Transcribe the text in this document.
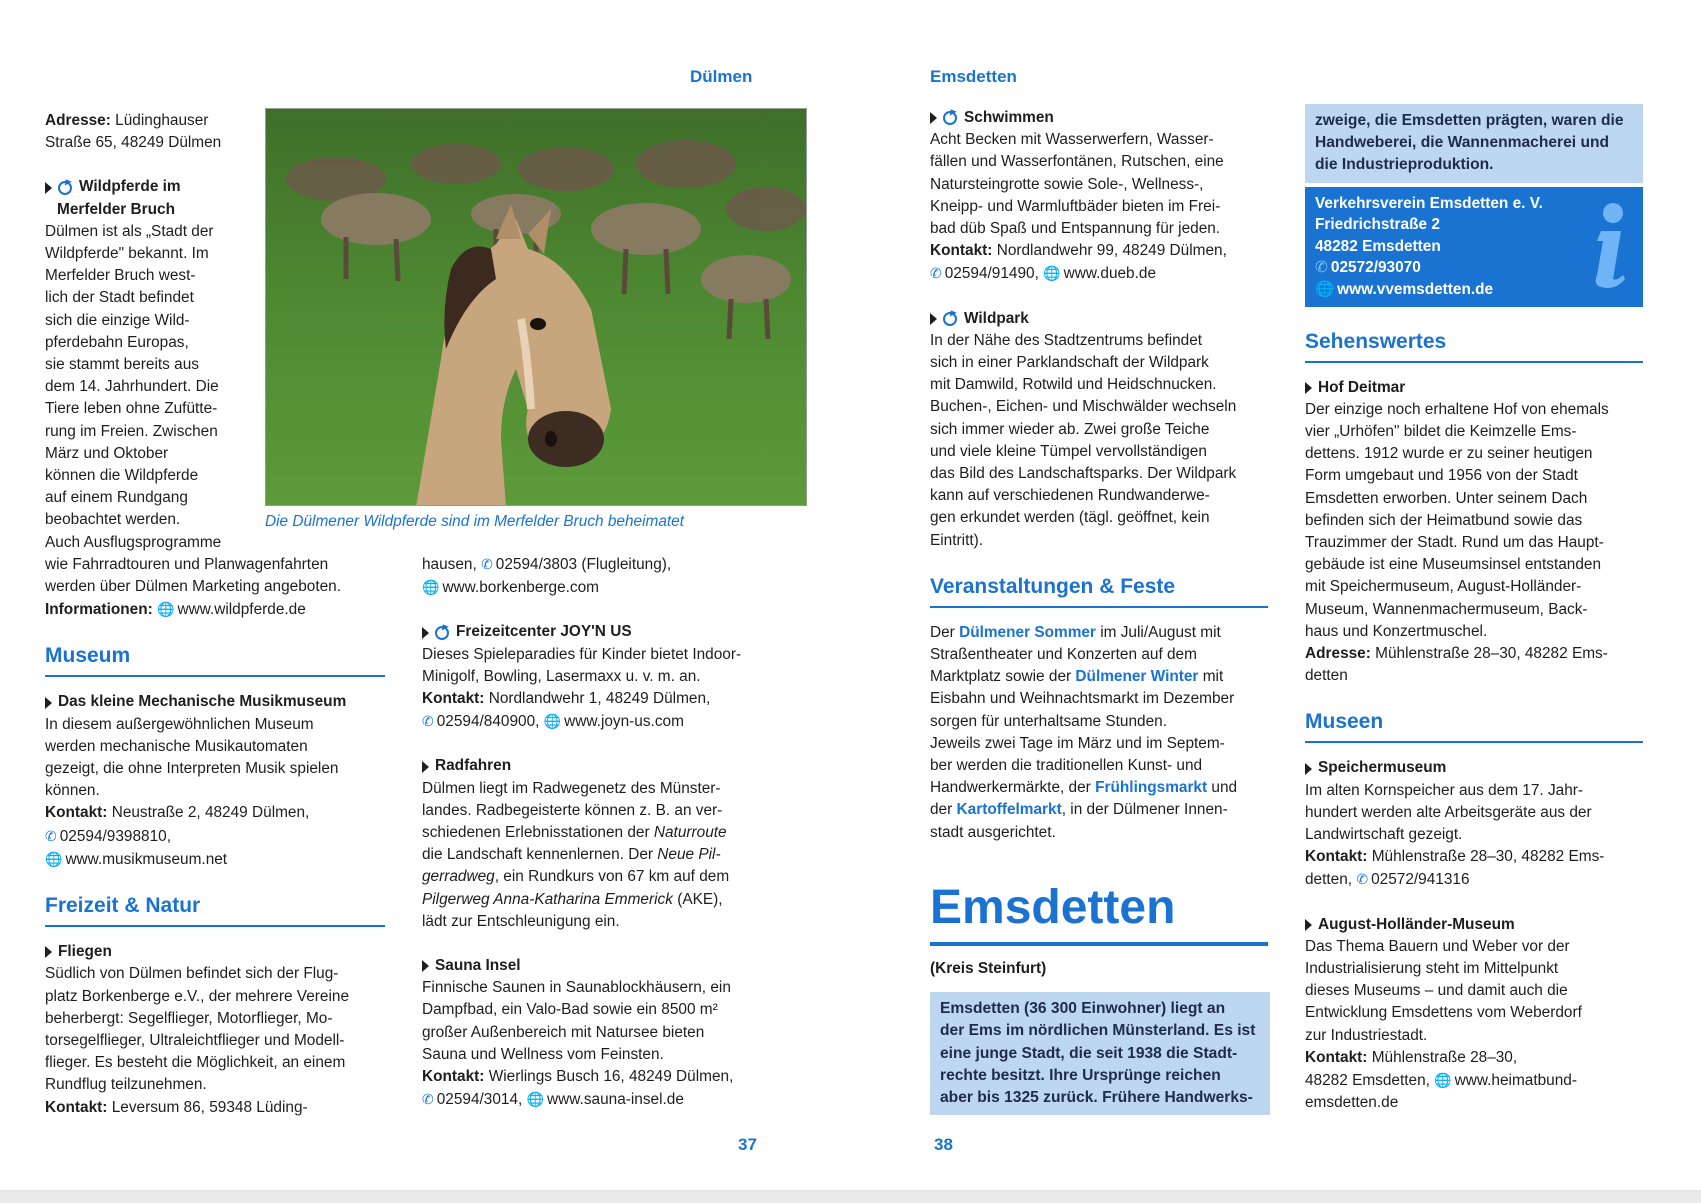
Dülmen

Adresse: Lüdinghauser

Straße 65, 48249 Dülmen

Wildpferde im

Merfelder Bruch

Dülmen ist als „Stadt der

Wildpferde" bekannt. Im

Merfelder Bruch west-

lich der Stadt befindet

sich die einzige Wild-

pferdebahn Europas,

sie stammt bereits aus

dem 14. Jahrhundert. Die

Tiere leben ohne Zufütte-

rung im Freien. Zwischen

März und Oktober

können die Wildpferde

auf einem Rundgang

beobachtet werden.

Auch Ausflugsprogramme

wie Fahrradtouren und Planwagenfahrten

werden über Dülmen Marketing angeboten.

Informationen: 🌐 www.wildpferde.de

Museum

Das kleine Mechanische Musikmuseum

In diesem außergewöhnlichen Museum

werden mechanische Musikautomaten

gezeigt, die ohne Interpreten Musik spielen

können.

Kontakt: Neustraße 2, 48249 Dülmen,

✆ 02594/9398810,

🌐 www.musikmuseum.net

Freizeit & Natur

Fliegen

Südlich von Dülmen befindet sich der Flug-

platz Borkenberge e.V., der mehrere Vereine

beherbergt: Segelflieger, Motorflieger, Mo-

torsegelflieger, Ultraleichtflieger und Modell-

flieger. Es besteht die Möglichkeit, an einem

Rundflug teilzunehmen.

Kontakt: Leversum 86, 59348 Lüding-

Die Dülmener Wildpferde sind im Merfelder Bruch beheimatet

hausen, ✆ 02594/3803 (Flugleitung),

🌐 www.borkenberge.com

Freizeitcenter JOY'N US

Dieses Spieleparadies für Kinder bietet Indoor-

Minigolf, Bowling, Lasermaxx u. v. m. an.

Kontakt: Nordlandwehr 1, 48249 Dülmen,

✆ 02594/840900, 🌐 www.joyn-us.com

Radfahren

Dülmen liegt im Radwegenetz des Münster-

landes. Radbegeisterte können z. B. an ver-

schiedenen Erlebnisstationen der Naturroute

die Landschaft kennenlernen. Der Neue Pil-

gerradweg, ein Rundkurs von 67 km auf dem

Pilgerweg Anna-Katharina Emmerick (AKE),

lädt zur Entschleunigung ein.

Sauna Insel

Finnische Saunen in Saunablockhäusern, ein

Dampfbad, ein Valo-Bad sowie ein 8500 m²

großer Außenbereich mit Natursee bieten

Sauna und Wellness vom Feinsten.

Kontakt: Wierlings Busch 16, 48249 Dülmen,

✆ 02594/3014, 🌐 www.sauna-insel.de

37
Emsdetten

Schwimmen

Acht Becken mit Wasserwerfern, Wasser-

fällen und Wasserfontänen, Rutschen, eine

Natursteingrotte sowie Sole-, Wellness-,

Kneipp- und Warmluftbäder bieten im Frei-

bad düb Spaß und Entspannung für jeden.

Kontakt: Nordlandwehr 99, 48249 Dülmen,

✆ 02594/91490, 🌐 www.dueb.de

Wildpark

In der Nähe des Stadtzentrums befindet

sich in einer Parklandschaft der Wildpark

mit Damwild, Rotwild und Heidschnucken.

Buchen-, Eichen- und Mischwälder wechseln

sich immer wieder ab. Zwei große Teiche

und viele kleine Tümpel vervollständigen

das Bild des Landschaftsparks. Der Wildpark

kann auf verschiedenen Rundwanderwe-

gen erkundet werden (tägl. geöffnet, kein

Eintritt).

Veranstaltungen & Feste

Der Dülmener Sommer im Juli/August mit

Straßentheater und Konzerten auf dem

Marktplatz sowie der Dülmener Winter mit

Eisbahn und Weihnachtsmarkt im Dezember

sorgen für unterhaltsame Stunden.

Jeweils zwei Tage im März und im Septem-

ber werden die traditionellen Kunst- und

Handwerkermärkte, der Frühlingsmarkt und

der Kartoffelmarkt, in der Dülmener Innen-

stadt ausgerichtet.

Emsdetten

(Kreis Steinfurt)

Emsdetten (36 300 Einwohner) liegt an

der Ems im nördlichen Münsterland. Es ist

eine junge Stadt, die seit 1938 die Stadt-

rechte besitzt. Ihre Ursprünge reichen

aber bis 1325 zurück. Frühere Handwerks-

38

zweige, die Emsdetten prägten, waren die

Handweberei, die Wannenmacherei und

die Industrieproduktion.

Verkehrsverein Emsdetten e. V.

Friedrichstraße 2

48282 Emsdetten

✆ 02572/93070

🌐 www.vvemsdetten.de

Sehenswertes

Hof Deitmar

Der einzige noch erhaltene Hof von ehemals

vier „Urhöfen" bildet die Keimzelle Ems-

dettens. 1912 wurde er zu seiner heutigen

Form umgebaut und 1956 von der Stadt

Emsdetten erworben. Unter seinem Dach

befinden sich der Heimatbund sowie das

Trauzimmer der Stadt. Rund um das Haupt-

gebäude ist eine Museumsinsel entstanden

mit Speichermuseum, August-Holländer-

Museum, Wannenmachermuseum, Back-

haus und Konzertmuschel.

Adresse: Mühlenstraße 28–30, 48282 Ems-

detten

Museen

Speichermuseum

Im alten Kornspeicher aus dem 17. Jahr-

hundert werden alte Arbeitsgeräte aus der

Landwirtschaft gezeigt.

Kontakt: Mühlenstraße 28–30, 48282 Ems-

detten, ✆ 02572/941316

August-Holländer-Museum

Das Thema Bauern und Weber vor der

Industrialisierung steht im Mittelpunkt

dieses Museums – und damit auch die

Entwicklung Emsdettens vom Weberdorf

zur Industriestadt.

Kontakt: Mühlenstraße 28–30,

48282 Emsdetten, 🌐 www.heimatbund-

emsdetten.de
